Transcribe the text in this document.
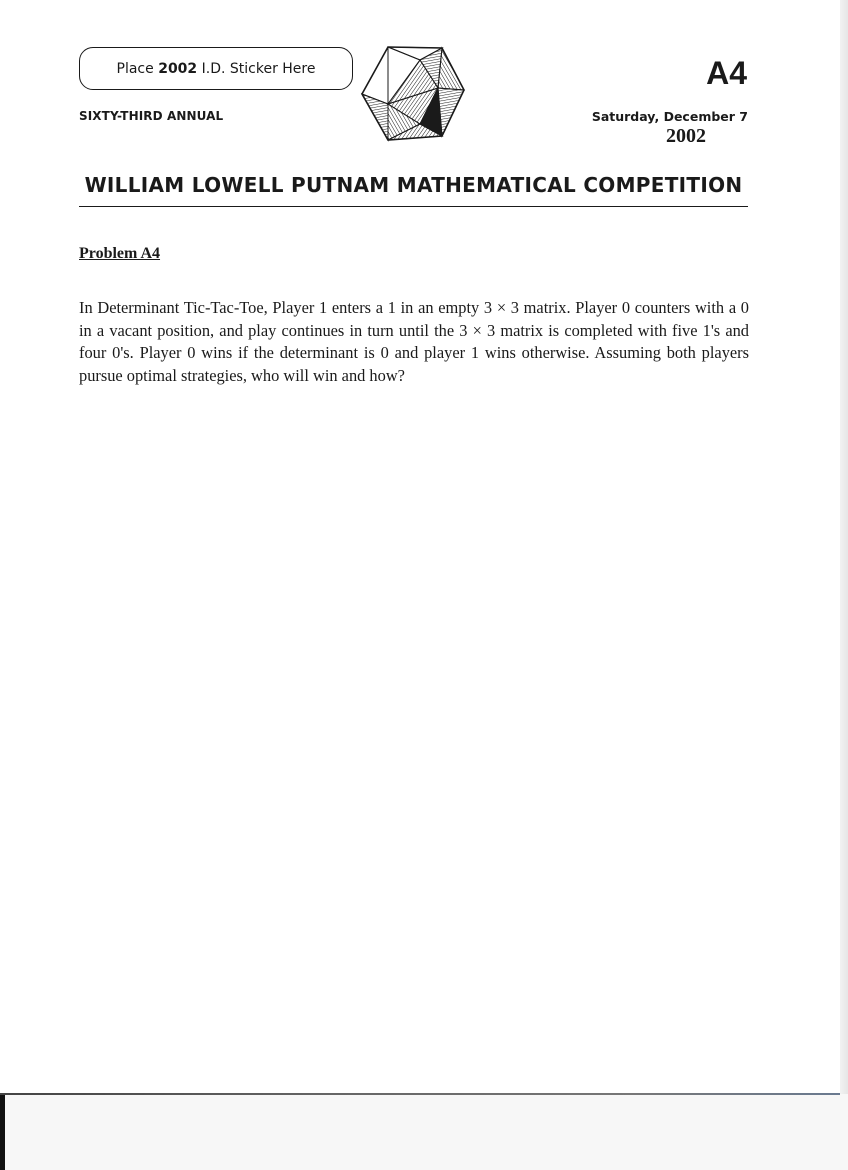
Place
2002
I.D. Sticker Here
SIXTY-THIRD ANNUAL
A4
Saturday, December 7
2002
WILLIAM LOWELL PUTNAM MATHEMATICAL COMPETITION
Problem A4
In Determinant Tic-Tac-Toe, Player 1 enters a 1 in an empty 3 × 3 matrix. Player 0 counters with a 0 in a vacant position, and play continues in turn until the 3 × 3 matrix is completed with five 1's and four 0's. Player 0 wins if the determinant is 0 and player 1 wins otherwise. Assuming both players pursue optimal strategies, who will win and how?
